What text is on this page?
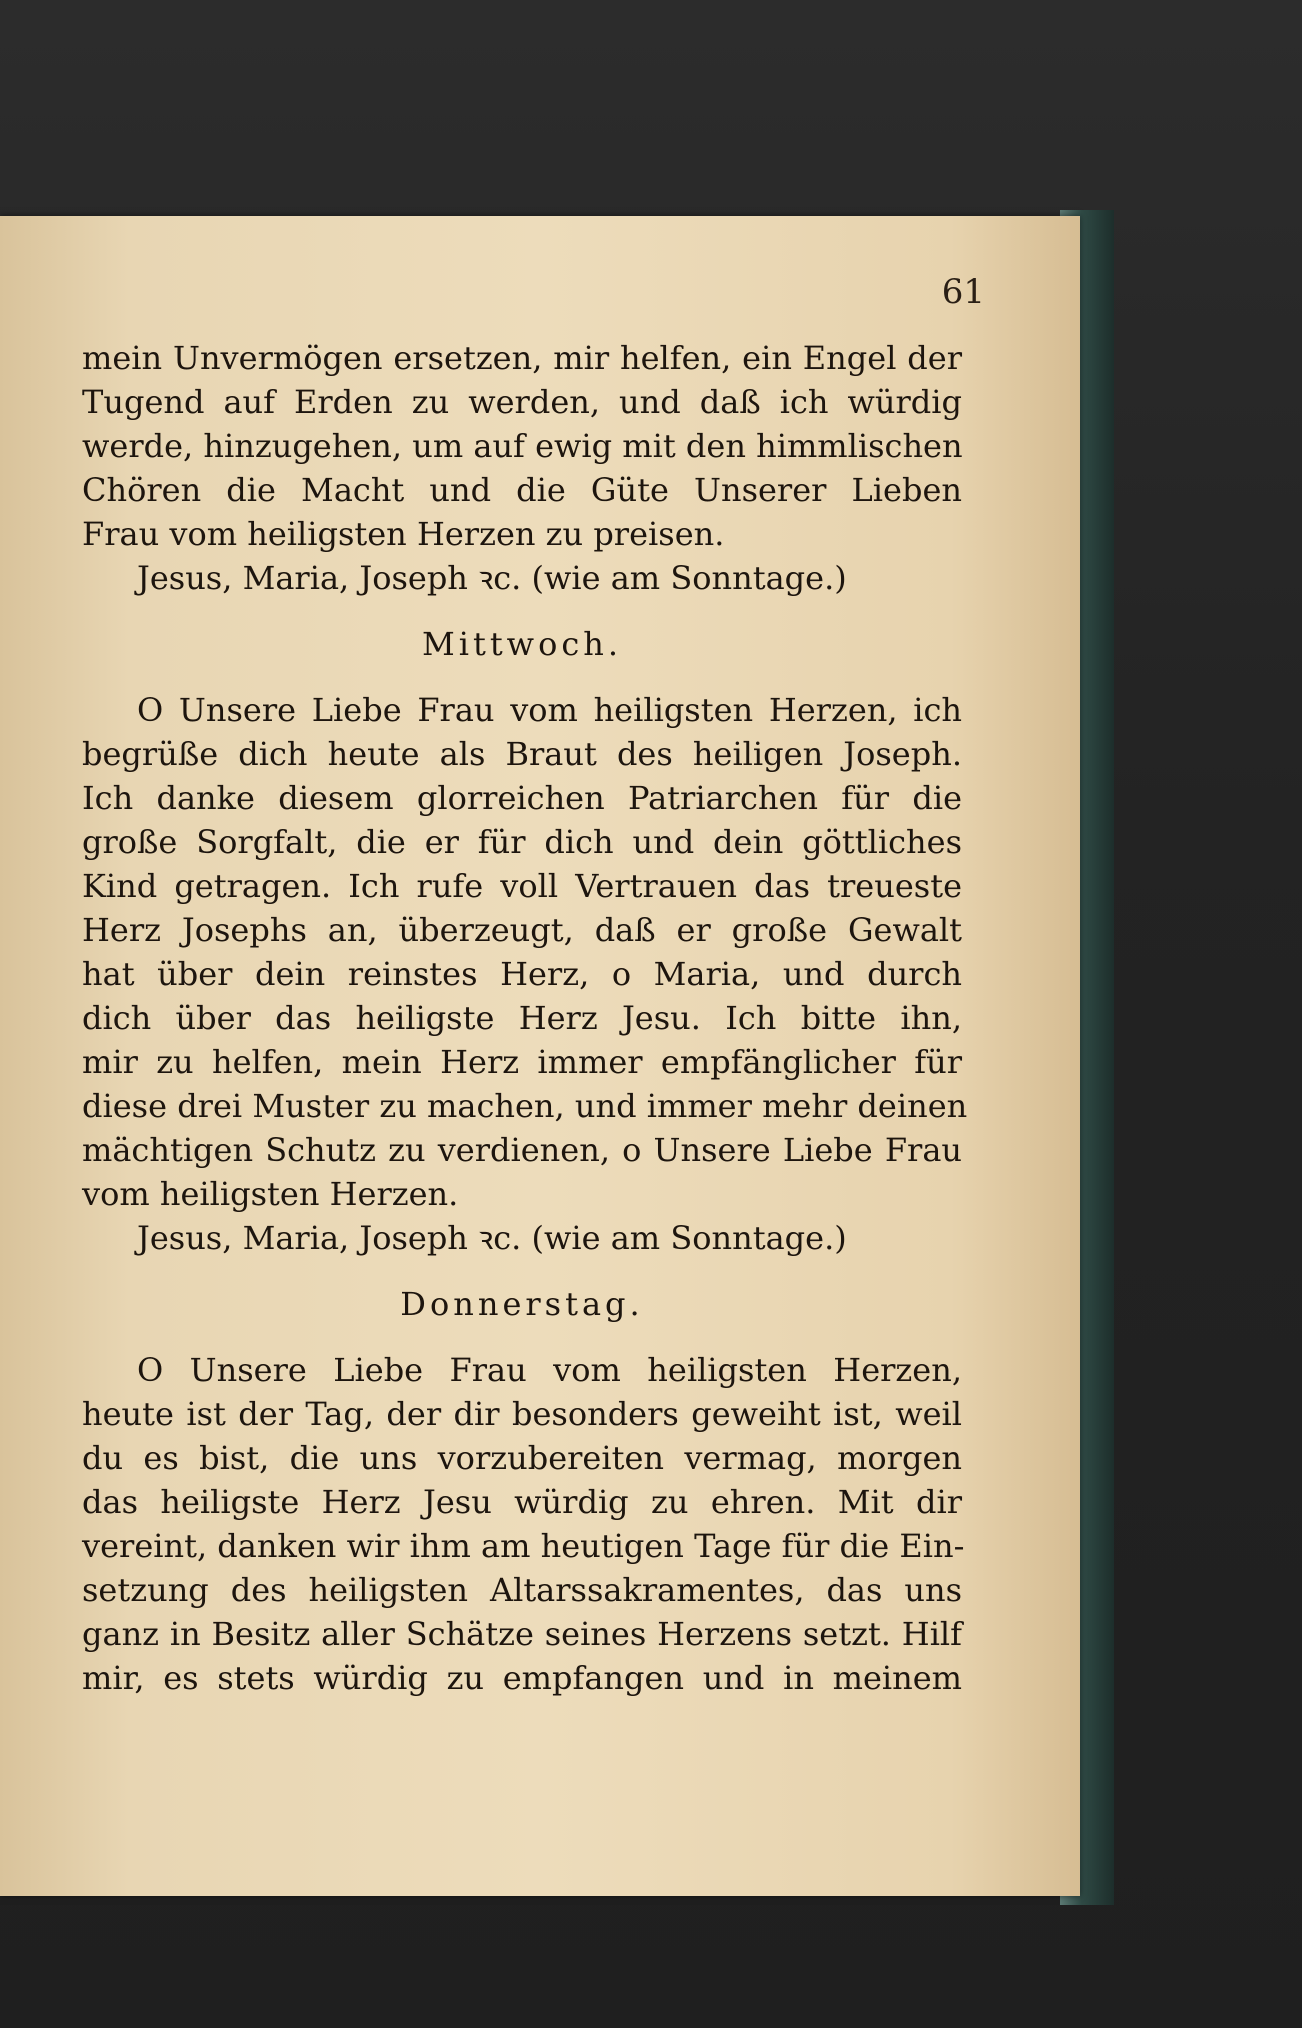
61
mein Unvermögen ersetzen, mir helfen, ein Engel der
Tugend auf Erden zu werden, und daß ich würdig
werde, hinzugehen, um auf ewig mit den himmlischen
Chören die Macht und die Güte Unserer Lieben
Frau vom heiligsten Herzen zu preisen.
Jesus, Maria, Joseph ꝛc. (wie am Sonntage.)
Mittwoch.
O Unsere Liebe Frau vom heiligsten Herzen, ich
begrüße dich heute als Braut des heiligen Joseph.
Ich danke diesem glorreichen Patriarchen für die
große Sorgfalt, die er für dich und dein göttliches
Kind getragen. Ich rufe voll Vertrauen das treueste
Herz Josephs an, überzeugt, daß er große Gewalt
hat über dein reinstes Herz, o Maria, und durch
dich über das heiligste Herz Jesu. Ich bitte ihn,
mir zu helfen, mein Herz immer empfänglicher für
diese drei Muster zu machen, und immer mehr deinen
mächtigen Schutz zu verdienen, o Unsere Liebe Frau
vom heiligsten Herzen.
Jesus, Maria, Joseph ꝛc. (wie am Sonntage.)
Donnerstag.
O Unsere Liebe Frau vom heiligsten Herzen,
heute ist der Tag, der dir besonders geweiht ist, weil
du es bist, die uns vorzubereiten vermag, morgen
das heiligste Herz Jesu würdig zu ehren. Mit dir
vereint, danken wir ihm am heutigen Tage für die Ein-
setzung des heiligsten Altarssakramentes, das uns
ganz in Besitz aller Schätze seines Herzens setzt. Hilf
mir, es stets würdig zu empfangen und in meinem
